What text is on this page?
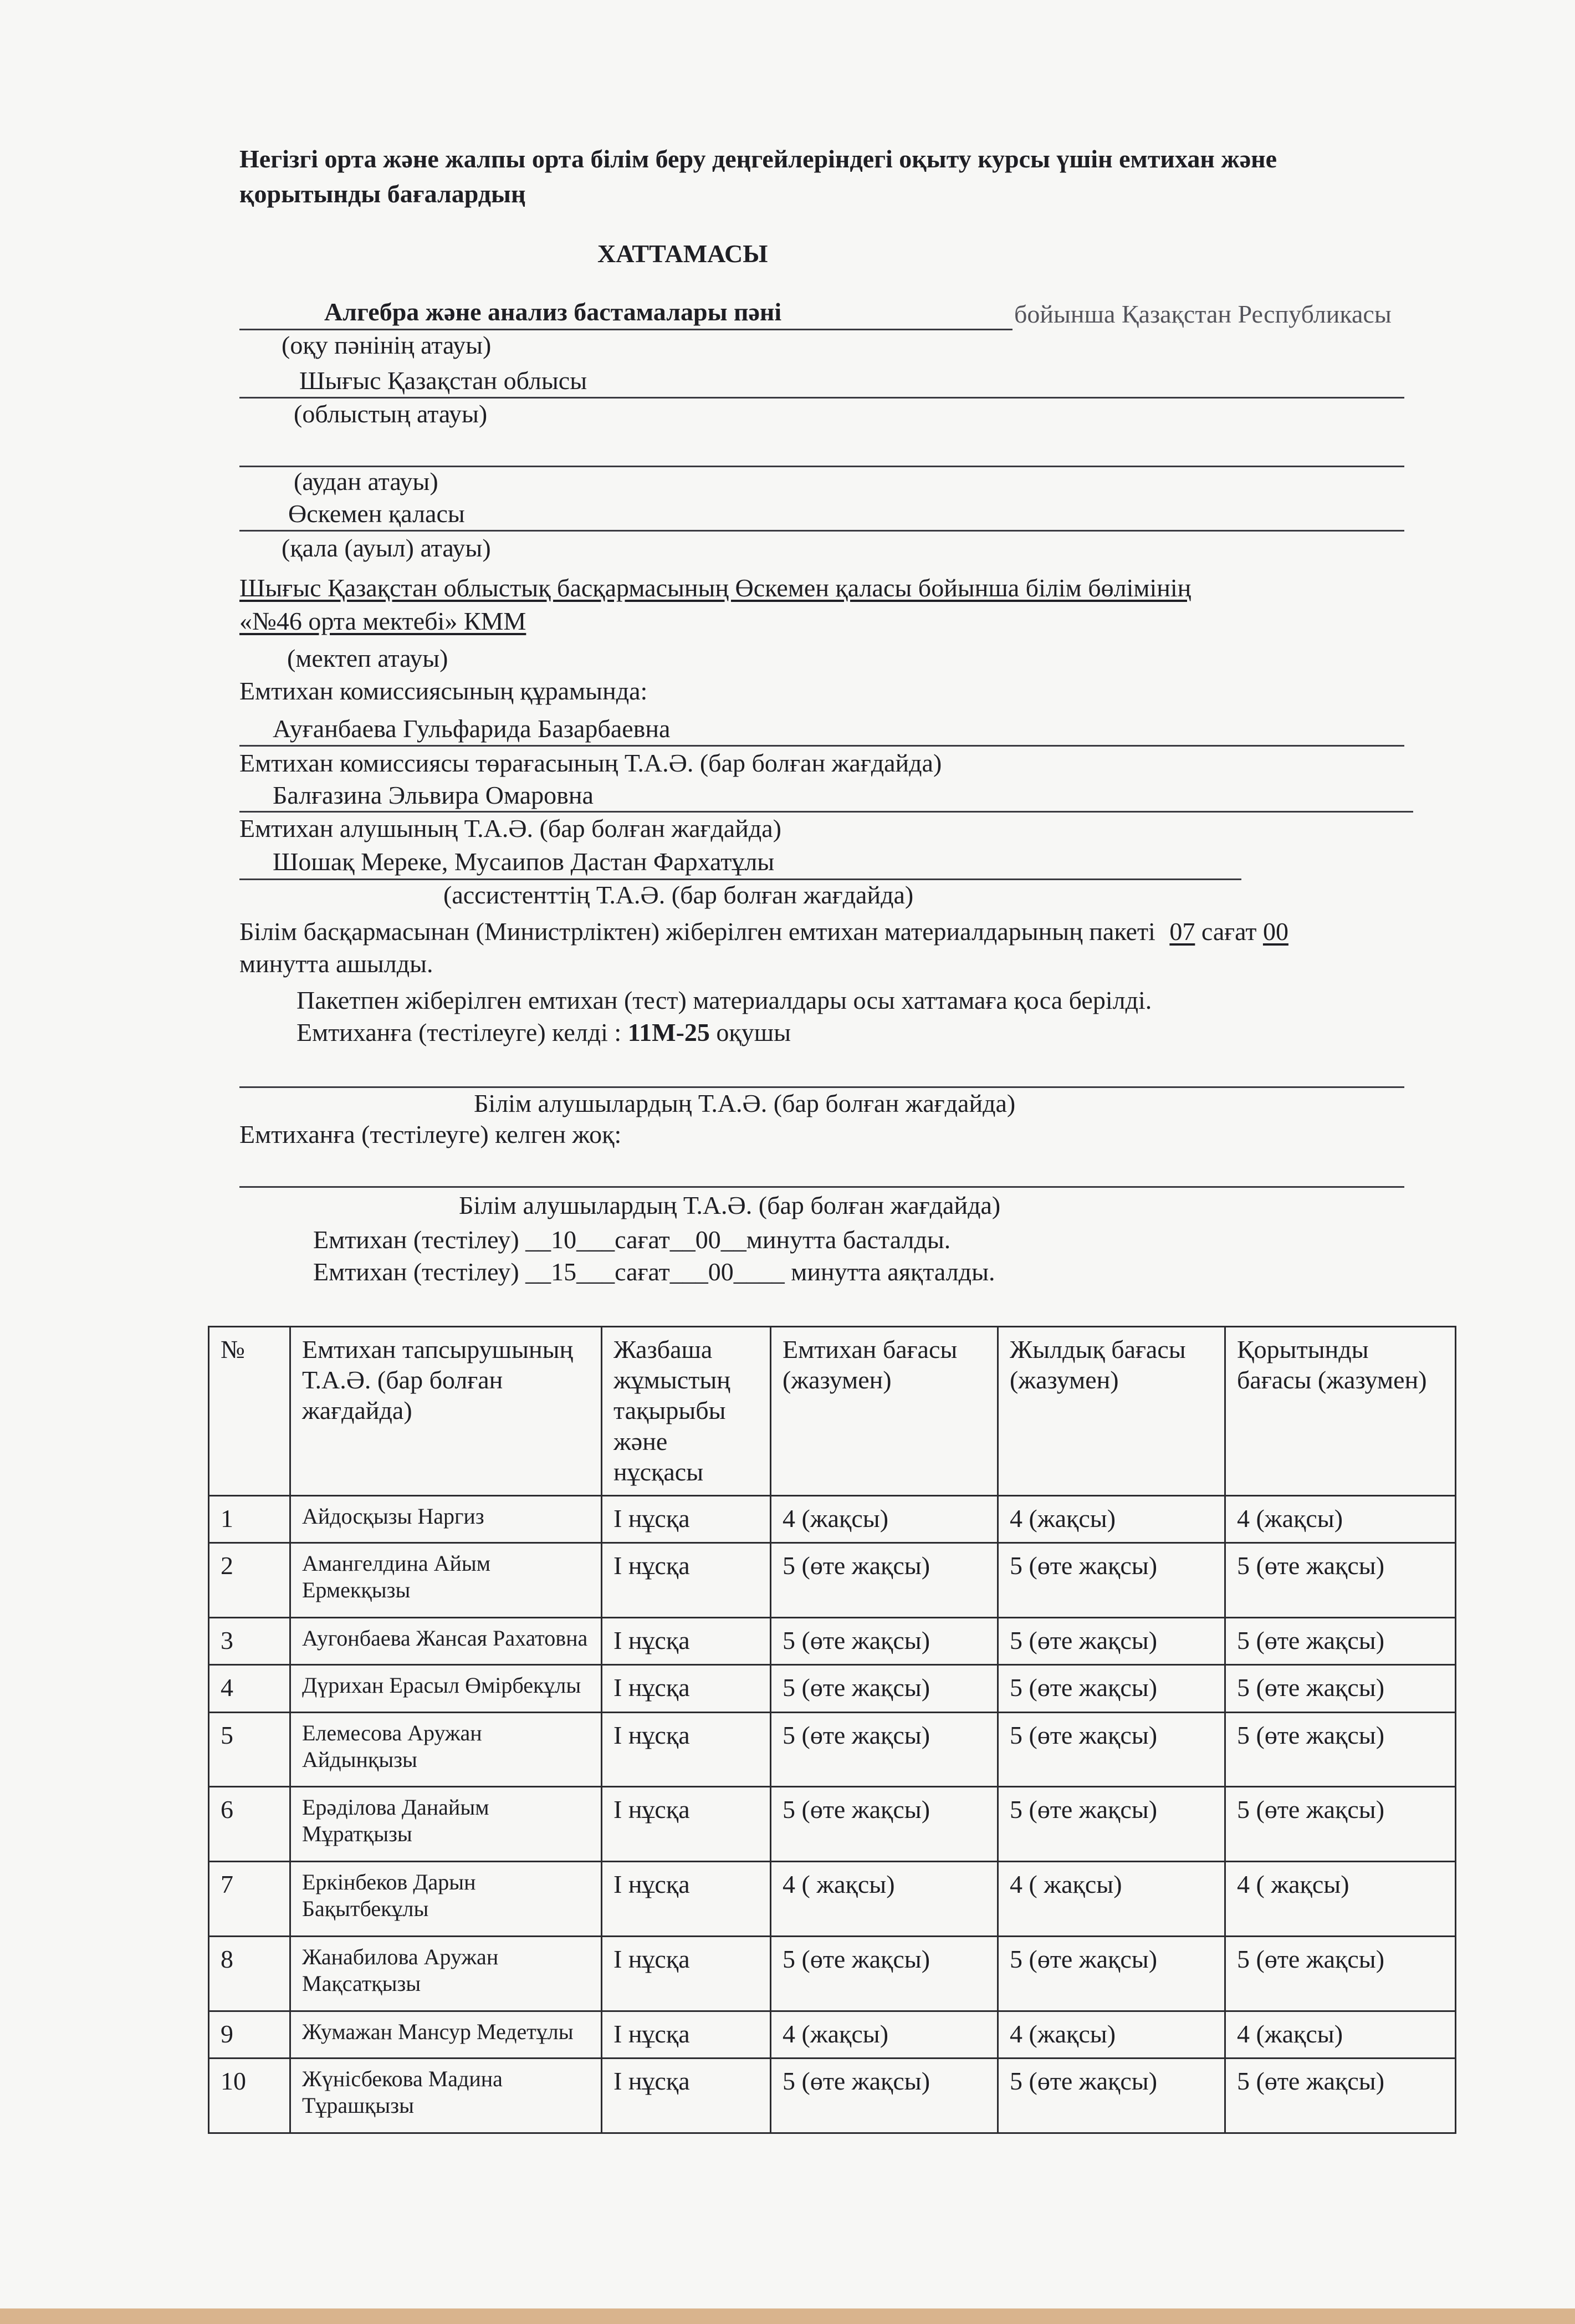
Негізгі орта және жалпы орта білім беру деңгейлеріндегі оқыту курсы үшін емтихан және
қорытынды бағалардың
ХАТТАМАСЫ
Алгебра және анализ бастамалары пәні	бойынша Қазақстан Республикасы
(оқу пәнінің атауы)
Шығыс Қазақстан облысы
(облыстың атауы)
(аудан атауы)
Өскемен қаласы
(қала (ауыл) атауы)
Шығыс Қазақстан облыстық басқармасының Өскемен қаласы бойынша білім бөлімінің
«№46 орта мектебі» КММ
(мектеп атауы)
Емтихан комиссиясының құрамында:
Ауғанбаева Гульфарида Базарбаевна
Емтихан комиссиясы төрағасының Т.А.Ә. (бар болған жағдайда)
Балғазина Эльвира Омаровна
Емтихан алушының Т.А.Ә. (бар болған жағдайда)
Шошақ Мереке, Мусаипов Дастан Фархатұлы
(ассистенттің Т.А.Ә. (бар болған жағдайда)
Білім басқармасынан (Министрліктен) жіберілген емтихан материалдарының пакеті 07 сағат 00
минутта ашылды.
Пакетпен жіберілген емтихан (тест) материалдары осы хаттамаға қоса берілді.
Емтиханға (тестілеуге) келді : 11М-25 оқушы
Білім алушылардың Т.А.Ә. (бар болған жағдайда)
Емтиханға (тестілеуге) келген жоқ:
Білім алушылардың Т.А.Ә. (бар болған жағдайда)
Емтихан (тестілеу) __10___сағат__00__минутта басталды.
Емтихан (тестілеу) __15___сағат___00____ минутта аяқталды.
№	Емтихан тапсырушының Т.А.Ә. (бар болған жағдайда)	Жазбаша жұмыстың тақырыбы және нұсқасы	Емтихан бағасы (жазумен)	Жылдық бағасы (жазумен)	Қорытынды бағасы (жазумен)
1	Айдосқызы Наргиз	І нұсқа	4 (жақсы)	4 (жақсы)	4 (жақсы)
2	Амангелдина Айым Ермекқызы	І нұсқа	5 (өте жақсы)	5 (өте жақсы)	5 (өте жақсы)
3	Аугонбаева Жансая Рахатовна	І нұсқа	5 (өте жақсы)	5 (өте жақсы)	5 (өте жақсы)
4	Дүрихан Ерасыл Өмірбекұлы	І нұсқа	5 (өте жақсы)	5 (өте жақсы)	5 (өте жақсы)
5	Елемесова Аружан Айдынқызы	І нұсқа	5 (өте жақсы)	5 (өте жақсы)	5 (өте жақсы)
6	Ерәділова Данайым Мұратқызы	І нұсқа	5 (өте жақсы)	5 (өте жақсы)	5 (өте жақсы)
7	Еркінбеков Дарын Бақытбекұлы	І нұсқа	4 ( жақсы)	4 ( жақсы)	4 ( жақсы)
8	Жанабилова Аружан Мақсатқызы	І нұсқа	5 (өте жақсы)	5 (өте жақсы)	5 (өте жақсы)
9	Жумажан Мансур Медетұлы	І нұсқа	4 (жақсы)	4 (жақсы)	4 (жақсы)
10	Жүнісбекова Мадина Тұрашқызы	І нұсқа	5 (өте жақсы)	5 (өте жақсы)	5 (өте жақсы)
